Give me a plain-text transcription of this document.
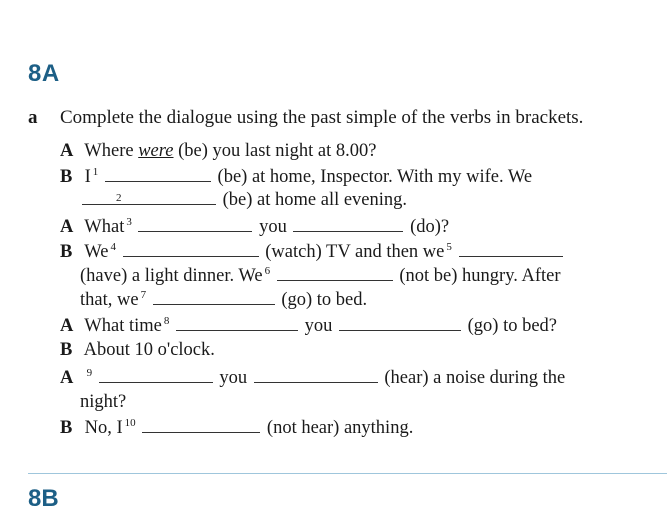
8A
a Complete the dialogue using the past simple of the verbs in brackets.
A Where were (be) you last night at 8.00?
B I $^1$	(be) at home, Inspector. With my wife. We
2	(be) at home all evening.
A What $^3$	you	(do)?
B We $^4$	(watch) TV and then we $^5$
(have) a light dinner. We $^6$	(not be) hungry. After
that, we $^7$	(go) to bed.
A What time $^8$	you	(go) to bed?
B About 10 o'clock.
A $^9$	you	(hear) a noise during the
night?
B No, I $^{10}$	(not hear) anything.
8B
